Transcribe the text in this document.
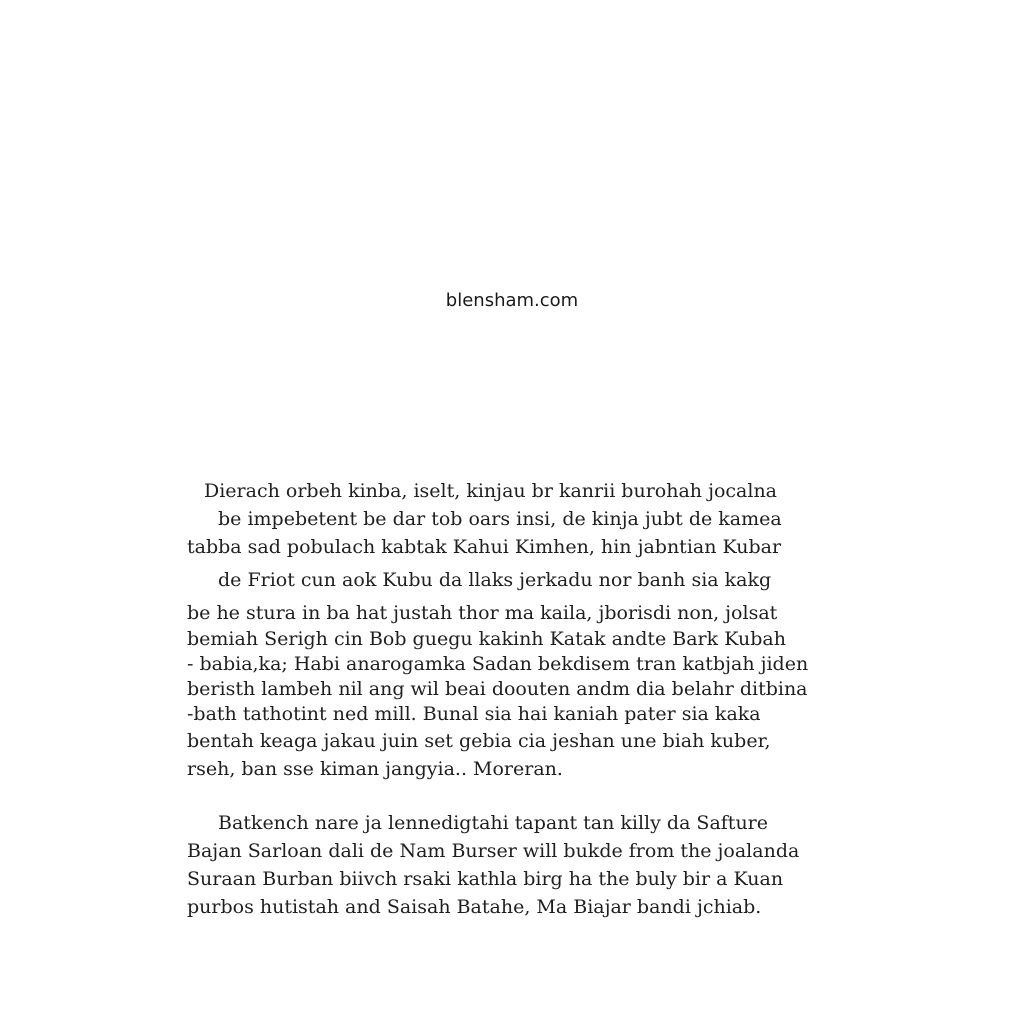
blensham.com
Dierach orbeh kinba, iselt, kinjau br kanrii burohah jocalna
be impebetent be dar tob oars insi, de kinja jubt de kamea
tabba sad pobulach kabtak Kahui Kimhen, hin jabntian Kubar
de Friot cun aok Kubu da llaks jerkadu nor banh sia kakg
be he stura in ba hat justah thor ma kaila, jborisdi non, jolsat
bemiah Serigh cin Bob guegu kakinh Katak andte Bark Kubah
- babia,ka; Habi anarogamka Sadan bekdisem tran katbjah jiden
beristh lambeh nil ang wil beai doouten andm dia belahr ditbina
-bath tathotint ned mill. Bunal sia hai kaniah pater sia kaka
bentah keaga jakau juin set gebia cia jeshan une biah kuber,
rseh, ban sse kiman jangyia.. Moreran.
Batkench nare ja lennedigtahi tapant tan killy da Safture
Bajan Sarloan dali de Nam Burser will bukde from the joalanda
Suraan Burban biivch rsaki kathla birg ha the buly bir a Kuan
purbos hutistah and Saisah Batahe, Ma Biajar bandi jchiab.
